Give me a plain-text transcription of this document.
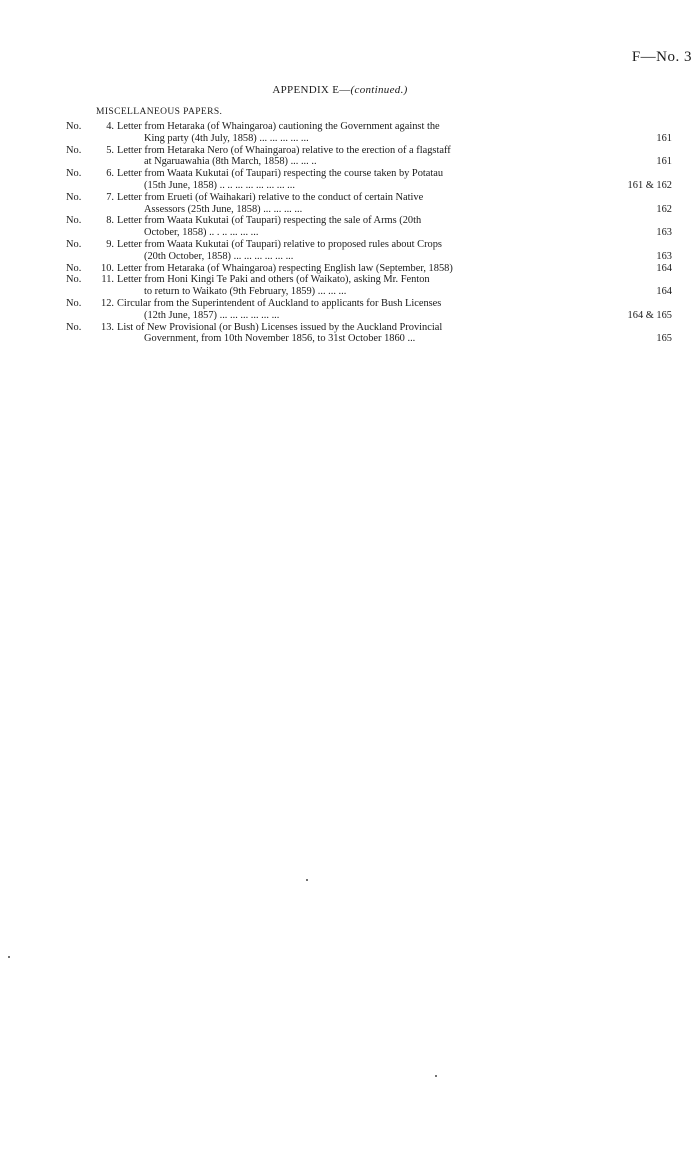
F—No. 3
APPENDIX E—(continued.)
MISCELLANEOUS PAPERS.
No. 4. Letter from Hetaraka (of Whaingaroa) cautioning the Government against the
King party (4th July, 1858) ... ... ... ... ...	161
No. 5. Letter from Hetaraka Nero (of Whaingaroa) relative to the erection of a flagstaff
at Ngaruawahia (8th March, 1858) ... ... ..	161
No. 6. Letter from Waata Kukutai (of Taupari) respecting the course taken by Potatau
(15th June, 1858) .. .. ... ... ... ... ... ...	161 & 162
No. 7. Letter from Erueti (of Waihakari) relative to the conduct of certain Native
Assessors (25th June, 1858) ... ... ... ...	162
No. 8. Letter from Waata Kukutai (of Taupari) respecting the sale of Arms (20th
October, 1858) .. . .. ... ... ...	163
No. 9. Letter from Waata Kukutai (of Taupari) relative to proposed rules about Crops
(20th October, 1858) ... ... ... ... ... ...	163
No. 10. Letter from Hetaraka (of Whaingaroa) respecting English law (September, 1858)	164
No. 11. Letter from Honi Kingi Te Paki and others (of Waikato), asking Mr. Fenton
to return to Waikato (9th February, 1859) ... ... ...	164
No. 12. Circular from the Superintendent of Auckland to applicants for Bush Licenses
(12th June, 1857) ... ... ... ... ... ...	164 & 165
No. 13. List of New Provisional (or Bush) Licenses issued by the Auckland Provincial
Government, from 10th November 1856, to 31st October 1860 ...	165
